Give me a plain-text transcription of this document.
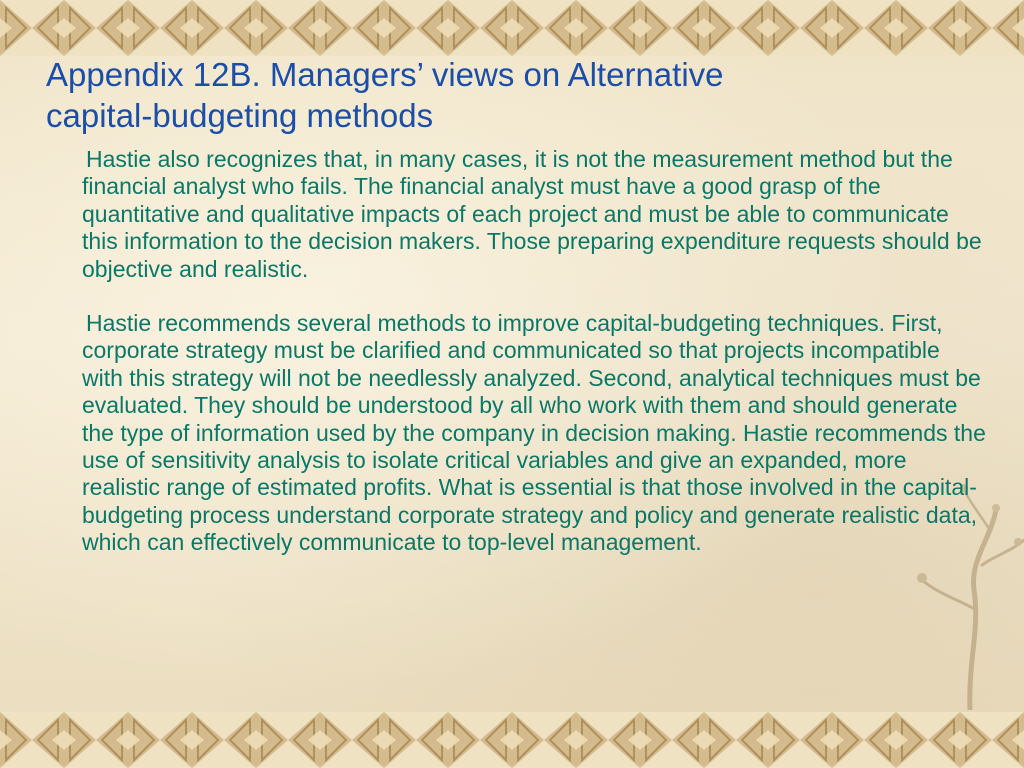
Appendix 12B. Managers’ views on Alternative
capital-budgeting methods

Hastie also recognizes that, in many cases, it is not the measurement method but the financial analyst who fails. The financial analyst must have a good grasp of the quantitative and qualitative impacts of each project and must be able to communicate this information to the decision makers. Those preparing expenditure requests should be objective and realistic.

Hastie recommends several methods to improve capital-budgeting techniques. First, corporate strategy must be clarified and communicated so that projects incompatible with this strategy will not be needlessly analyzed. Second, analytical techniques must be evaluated. They should be understood by all who work with them and should generate the type of information used by the company in decision making. Hastie recommends the use of sensitivity analysis to isolate critical variables and give an expanded, more realistic range of estimated profits. What is essential is that those involved in the capital-budgeting process understand corporate strategy and policy and generate realistic data, which can effectively communicate to top-level management.
